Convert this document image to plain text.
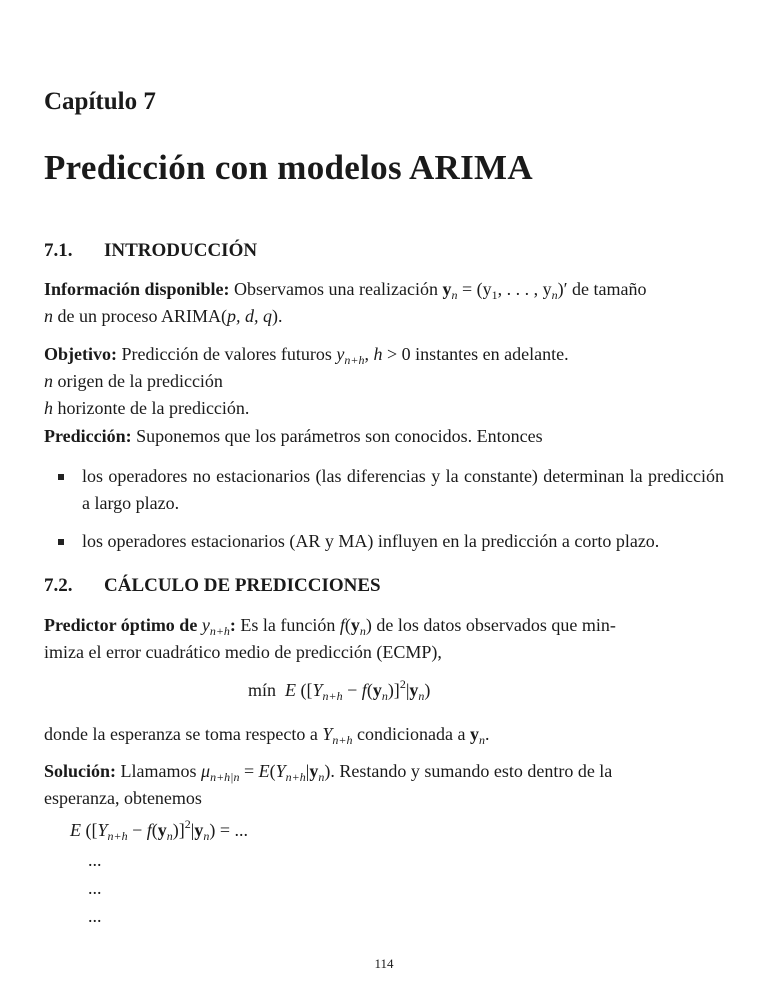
Capítulo 7
Predicción con modelos ARIMA
7.1. INTRODUCCIÓN
Información disponible: Observamos una realización $y_n = (y_1$, . . . , $y_n)'$ de tamaño
n de un proceso ARIMA(p, d, q).
Objetivo: Predicción de valores futuros $y_{n+h}$, h > 0 instantes en adelante.
n origen de la predicción
h horizonte de la predicción.
Predicción: Suponemos que los parámetros son conocidos. Entonces
los operadores no estacionarios (las diferencias y la constante) determinan la predicción a largo plazo.
los operadores estacionarios (AR y MA) influyen en la predicción a corto plazo.
7.2. CÁLCULO DE PREDICCIONES
Predictor óptimo de $y_{n+h}$: Es la función $f(y_n)$ de los datos observados que min-
imiza el error cuadrático medio de predicción (ECMP),
mín E $([Y_{n+h} - f(y_n)]^2|y_n)$
donde la esperanza se toma respecto a $Y_{n+h}$ condicionada a $y_n$.
Solución: Llamamos $\mu_{n+h|n} = E(Y_{n+h}|y_n)$. Restando y sumando esto dentro de la
esperanza, obtenemos
E $([Y_{n+h} - f(y_n)]^2|y_n)$ = ...
...
...
...
114
